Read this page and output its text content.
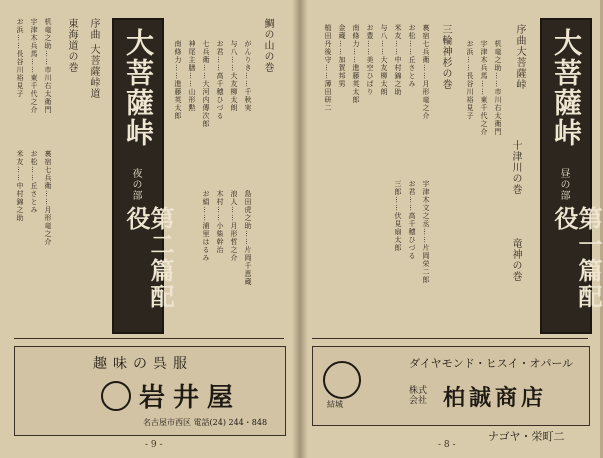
大菩薩峠
夜の部
第二篇配役
序曲 大菩薩峠道
東海道の巻	鯛の山の巻
机竜之助……市川右太衛門
宇津木兵馬……東千代之介
お浜……長谷川裕見子
裏宿七兵衛……月形竜之介
お松……丘さとみ
米友……中村錦之助
がんりき……千秋実
与八……大友柳太朗
お君……高千穂ひづる
七兵衛……大河内傳次郎
神尾主膳……山形勲
南條力……進藤英太郎
島田虎之助……片岡千恵蔵
浪人……月形哲之介
木村……小柴幹治
お絹……浦里はるみ
趣味の呉服
岩井屋
名古屋市西区 電話(24) 244・848
- 9 -
大菩薩峠
昼の部
第一篇配役
序曲大菩薩峠
三輪神杉の巻
十津川の巻
竜神の巻
机竜之助……市川右太衛門
宇津木兵馬……東千代之介
お浜……長谷川裕見子
裏宿七兵衛……月形竜之介
お松……丘さとみ
米友……中村錦之助
与八……大友柳太朗
お豊……美空ひばり
南條力……進藤英太郎
金蔵……加賀邦男
植田丹後守……薄田研二
宇津木文之丞……片岡栄二郎
お君……高千穂ひづる
三郎……伏見扇太郎
結城
ダイヤモンド・ヒスイ・オパール
株式会社 柏誠商店
ナゴヤ・栄町二
- 8 -
